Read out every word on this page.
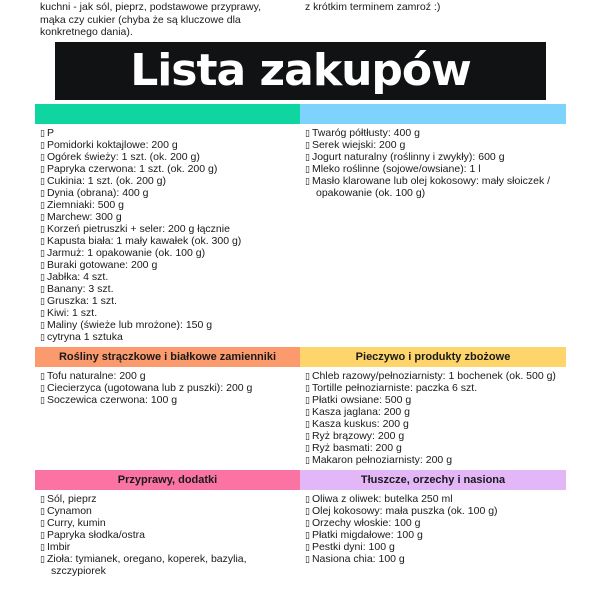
kuchni - jak sól, pieprz, podstawowe przyprawy,
mąka czy cukier (chyba że są kluczowe dla
konkretnego dania).
z krótkim terminem zamroź :)
Lista zakupów
▯ P
▯ Pomidorki koktajlowe: 200 g
▯ Ogórek świeży: 1 szt. (ok. 200 g)
▯ Papryka czerwona: 1 szt. (ok. 200 g)
▯ Cukinia: 1 szt. (ok. 200 g)
▯ Dynia (obrana): 400 g
▯ Ziemniaki: 500 g
▯ Marchew: 300 g
▯ Korzeń pietruszki + seler: 200 g łącznie
▯ Kapusta biała: 1 mały kawałek (ok. 300 g)
▯ Jarmuż: 1 opakowanie (ok. 100 g)
▯ Buraki gotowane: 200 g
▯ Jabłka: 4 szt.
▯ Banany: 3 szt.
▯ Gruszka: 1 szt.
▯ Kiwi: 1 szt.
▯ Maliny (świeże lub mrożone): 150 g
▯ cytryna 1 sztuka
▯ Twaróg półtłusty: 400 g
▯ Serek wiejski: 200 g
▯ Jogurt naturalny (roślinny i zwykły): 600 g
▯ Mleko roślinne (sojowe/owsiane): 1 l
▯ Masło klarowane lub olej kokosowy: mały słoiczek / opakowanie (ok. 100 g)
Rośliny strączkowe i białkowe zamienniki	Pieczywo i produkty zbożowe
▯ Tofu naturalne: 200 g
▯ Ciecierzyca (ugotowana lub z puszki): 200 g
▯ Soczewica czerwona: 100 g
▯ Chleb razowy/pełnoziarnisty: 1 bochenek (ok. 500 g)
▯ Tortille pełnoziarniste: paczka 6 szt.
▯ Płatki owsiane: 500 g
▯ Kasza jaglana: 200 g
▯ Kasza kuskus: 200 g
▯ Ryż brązowy: 200 g
▯ Ryż basmati: 200 g
▯ Makaron pełnoziarnisty: 200 g
Przyprawy, dodatki	Tłuszcze, orzechy i nasiona
▯ Sól, pieprz
▯ Cynamon
▯ Curry, kumin
▯ Papryka słodka/ostra
▯ Imbir
▯ Zioła: tymianek, oregano, koperek, bazylia, szczypiorek
▯ Oliwa z oliwek: butelka 250 ml
▯ Olej kokosowy: mała puszka (ok. 100 g)
▯ Orzechy włoskie: 100 g
▯ Płatki migdałowe: 100 g
▯ Pestki dyni: 100 g
▯ Nasiona chia: 100 g
